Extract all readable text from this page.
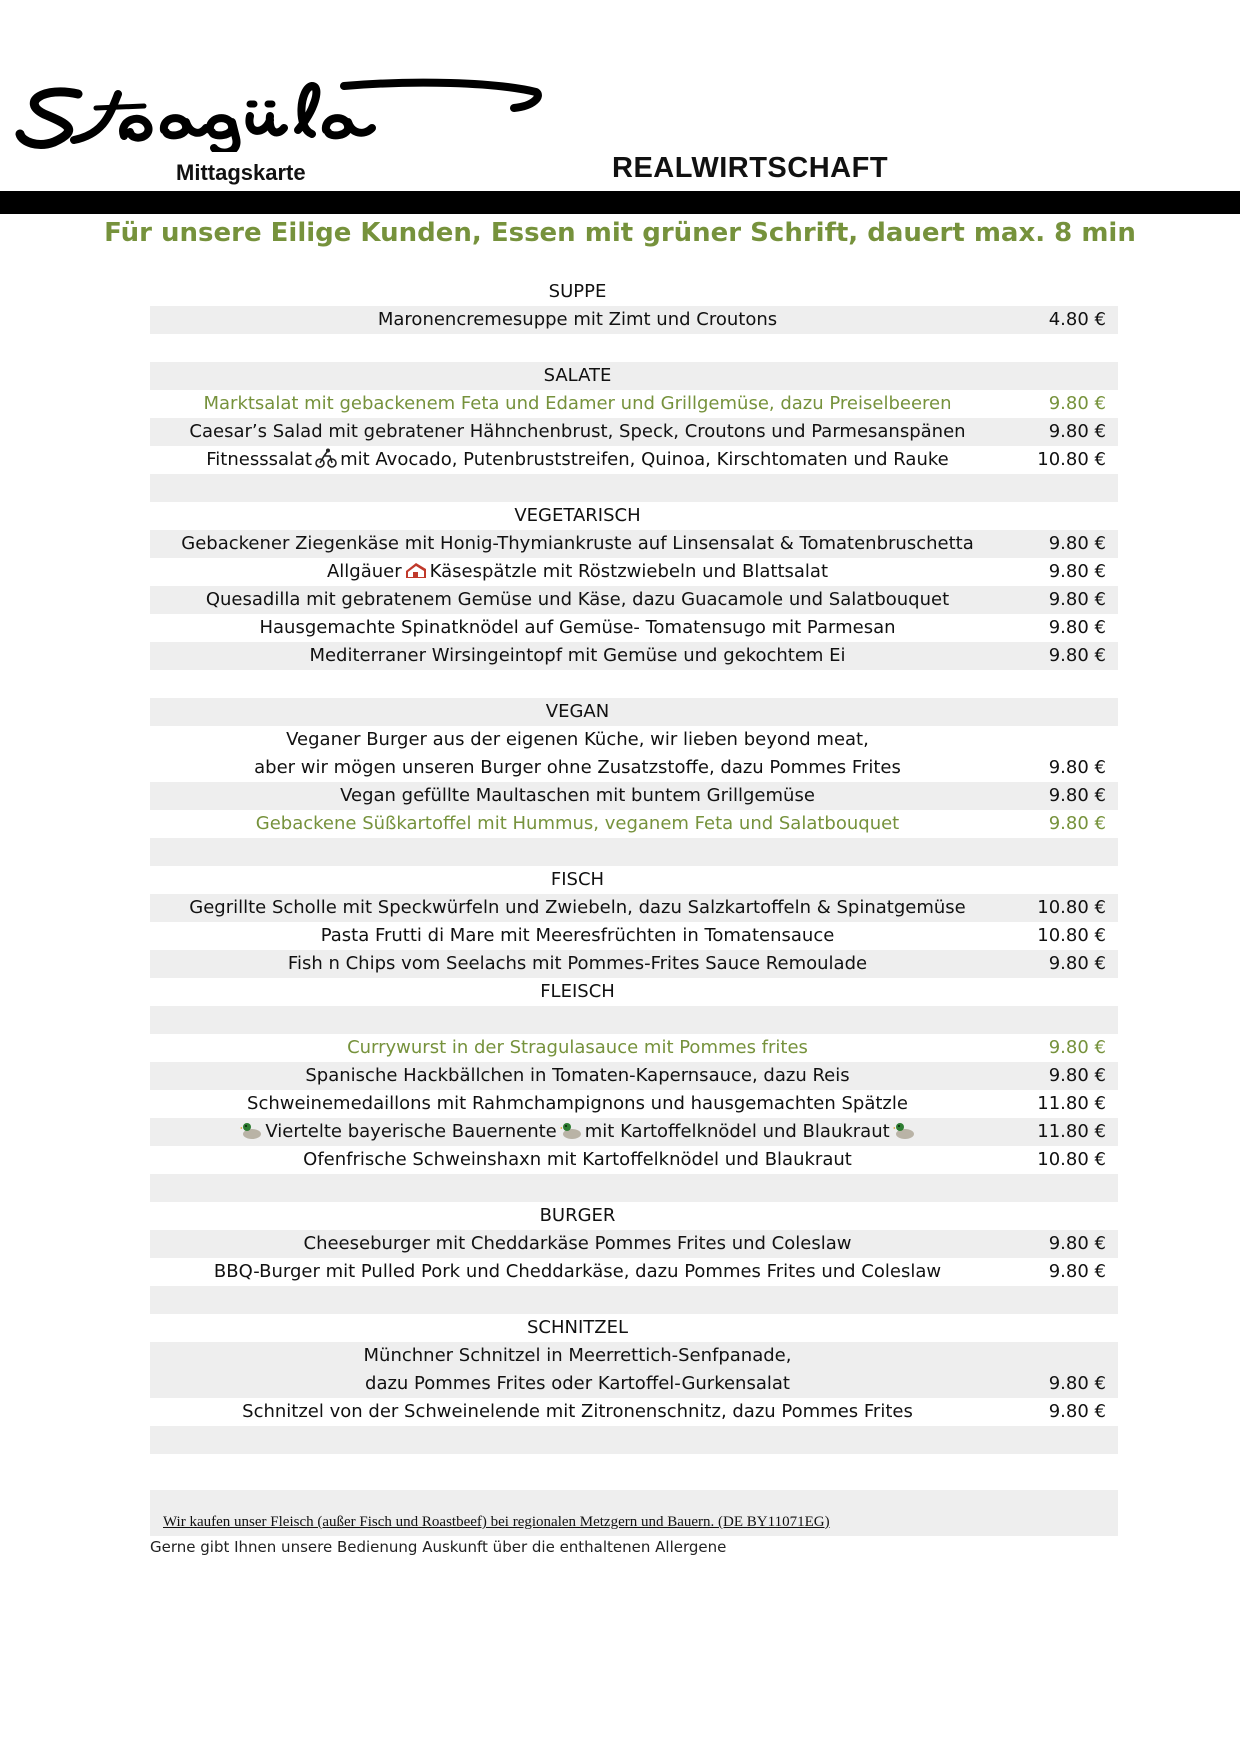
Mittagskarte	REALWIRTSCHAFT
Für unsere Eilige Kunden, Essen mit grüner Schrift, dauert max. 8 min
SUPPE
Maronencremesuppe mit Zimt und Croutons	4.80 €
SALATE
Marktsalat mit gebackenem Feta und Edamer und Grillgemüse, dazu Preiselbeeren	9.80 €
Caesar’s Salad mit gebratener Hähnchenbrust, Speck, Croutons und Parmesanspänen	9.80 €
Fitnesssalat mit Avocado, Putenbruststreifen, Quinoa, Kirschtomaten und Rauke	10.80 €
VEGETARISCH
Gebackener Ziegenkäse mit Honig-Thymiankruste auf Linsensalat & Tomatenbruschetta	9.80 €
Allgäuer Käsespätzle mit Röstzwiebeln und Blattsalat	9.80 €
Quesadilla mit gebratenem Gemüse und Käse, dazu Guacamole und Salatbouquet	9.80 €
Hausgemachte Spinatknödel auf Gemüse- Tomatensugo mit Parmesan	9.80 €
Mediterraner Wirsingeintopf mit Gemüse und gekochtem Ei	9.80 €
VEGAN
Veganer Burger aus der eigenen Küche, wir lieben beyond meat,
aber wir mögen unseren Burger ohne Zusatzstoffe, dazu Pommes Frites	9.80 €
Vegan gefüllte Maultaschen mit buntem Grillgemüse	9.80 €
Gebackene Süßkartoffel mit Hummus, veganem Feta und Salatbouquet	9.80 €
FISCH
Gegrillte Scholle mit Speckwürfeln und Zwiebeln, dazu Salzkartoffeln & Spinatgemüse	10.80 €
Pasta Frutti di Mare mit Meeresfrüchten in Tomatensauce	10.80 €
Fish n Chips vom Seelachs mit Pommes-Frites Sauce Remoulade	9.80 €
FLEISCH
Currywurst in der Stragulasauce mit Pommes frites	9.80 €
Spanische Hackbällchen in Tomaten-Kapernsauce, dazu Reis	9.80 €
Schweinemedaillons mit Rahmchampignons und hausgemachten Spätzle	11.80 €
Viertelte bayerische Bauernente mit Kartoffelknödel und Blaukraut	11.80 €
Ofenfrische Schweinshaxn mit Kartoffelknödel und Blaukraut	10.80 €
BURGER
Cheeseburger mit Cheddarkäse Pommes Frites und Coleslaw	9.80 €
BBQ-Burger mit Pulled Pork und Cheddarkäse, dazu Pommes Frites und Coleslaw	9.80 €
SCHNITZEL
Münchner Schnitzel in Meerrettich-Senfpanade,
dazu Pommes Frites oder Kartoffel-Gurkensalat	9.80 €
Schnitzel von der Schweinelende mit Zitronenschnitz, dazu Pommes Frites	9.80 €
Wir kaufen unser Fleisch (außer Fisch und Roastbeef) bei regionalen Metzgern und Bauern. (DE BY11071EG)
Gerne gibt Ihnen unsere Bedienung Auskunft über die enthaltenen Allergene
